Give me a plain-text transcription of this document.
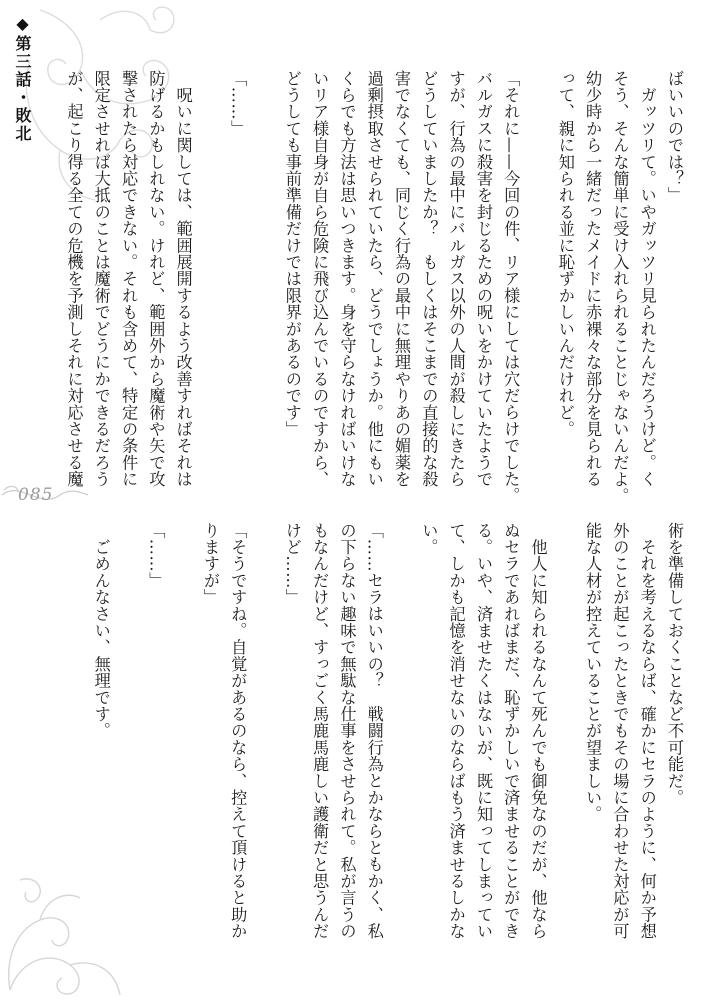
◆第三話・敗北
085
ばいいのでは？」
　ガッツリて。いやガッツリ見られたんだろうけど。く
そう、そんな簡単に受け入れられることじゃないんだよ。
幼少時から一緒だったメイドに赤裸々な部分を見られる
って、親に知られる並に恥ずかしいんだけれど。

「それに——今回の件、リア様にしては穴だらけでした。
バルガスに殺害を封じるための呪いをかけていたようで
すが、行為の最中にバルガス以外の人間が殺しにきたら
どうしていましたか？　もしくはそこまでの直接的な殺
害でなくても、同じく行為の最中に無理やりあの媚薬を
過剰摂取させられていたら、どうでしょうか。他にもい
くらでも方法は思いつきます。身を守らなければいけな
いリア様自身が自ら危険に飛び込んでいるのですから、
どうしても事前準備だけでは限界があるのです」

「……」

　呪いに関しては、範囲展開するよう改善すればそれは
防げるかもしれない。けれど、範囲外から魔術や矢で攻
撃されたら対応できない。それも含めて、特定の条件に
限定させれば大抵のことは魔術でどうにかできるだろう
が、起こり得る全ての危機を予測しそれに対応させる魔
術を準備しておくことなど不可能だ。
　それを考えるならば、確かにセラのように、何か予想
外のことが起こったときでもその場に合わせた対応が可
能な人材が控えていることが望ましい。

　他人に知られるなんて死んでも御免なのだが、他なら
ぬセラであればまだ、恥ずかしいで済ませることができ
る。いや、済ませたくはないが、既に知ってしまってい
て、しかも記憶を消せないのならばもう済ませるしかな
い。

「……セラはいいの？　戦闘行為とかならともかく、私
の下らない趣味で無駄な仕事をさせられて。私が言うの
もなんだけど、すっごく馬鹿馬鹿しい護衛だと思うんだ
けど……」

「そうですね。自覚があるのなら、控えて頂けると助か
りますが」

「……」

　ごめんなさい、無理です。
